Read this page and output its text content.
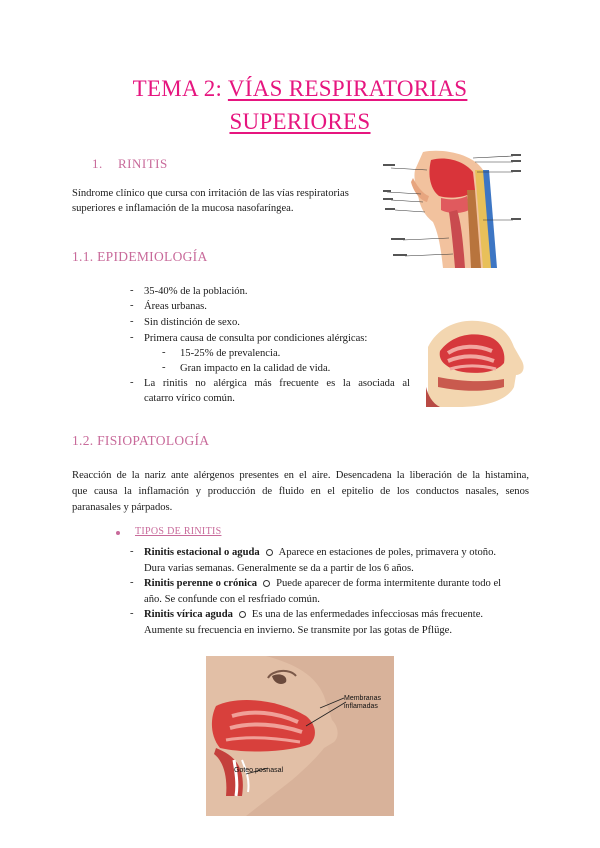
TEMA 2: VÍAS RESPIRATORIAS
SUPERIORES
1. RINITIS
Síndrome clínico que cursa con irritación de las vías respiratorias
superiores e inflamación de la mucosa nasofaríngea.
1.1. EPIDEMIOLOGÍA
- 35-40% de la población.
- Áreas urbanas.
- Sin distinción de sexo.
- Primera causa de consulta por condiciones alérgicas:
- 15-25% de prevalencia.
- Gran impacto en la calidad de vida.
- La rinitis no alérgica más frecuente es la asociada al
catarro vírico común.
1.2. FISIOPATOLOGÍA
Reacción de la nariz ante alérgenos presentes en el aire. Desencadena la liberación de la histamina,
que causa la inflamación y producción de fluido en el epitelio de los conductos nasales, senos
paranasales y párpados.
TIPOS DE RINITIS
- Rinitis estacional o aguda Aparece en estaciones de poles, primavera y otoño.
Dura varias semanas. Generalmente se da a partir de los 6 años.
- Rinitis perenne o crónica Puede aparecer de forma intermitente durante todo el
año. Se confunde con el resfriado común.
- Rinitis vírica aguda Es una de las enfermedades infecciosas más frecuente.
Aumente su frecuencia en invierno. Se transmite por las gotas de Pflüge.
Membranas
inflamadas
Goteo posnasal
